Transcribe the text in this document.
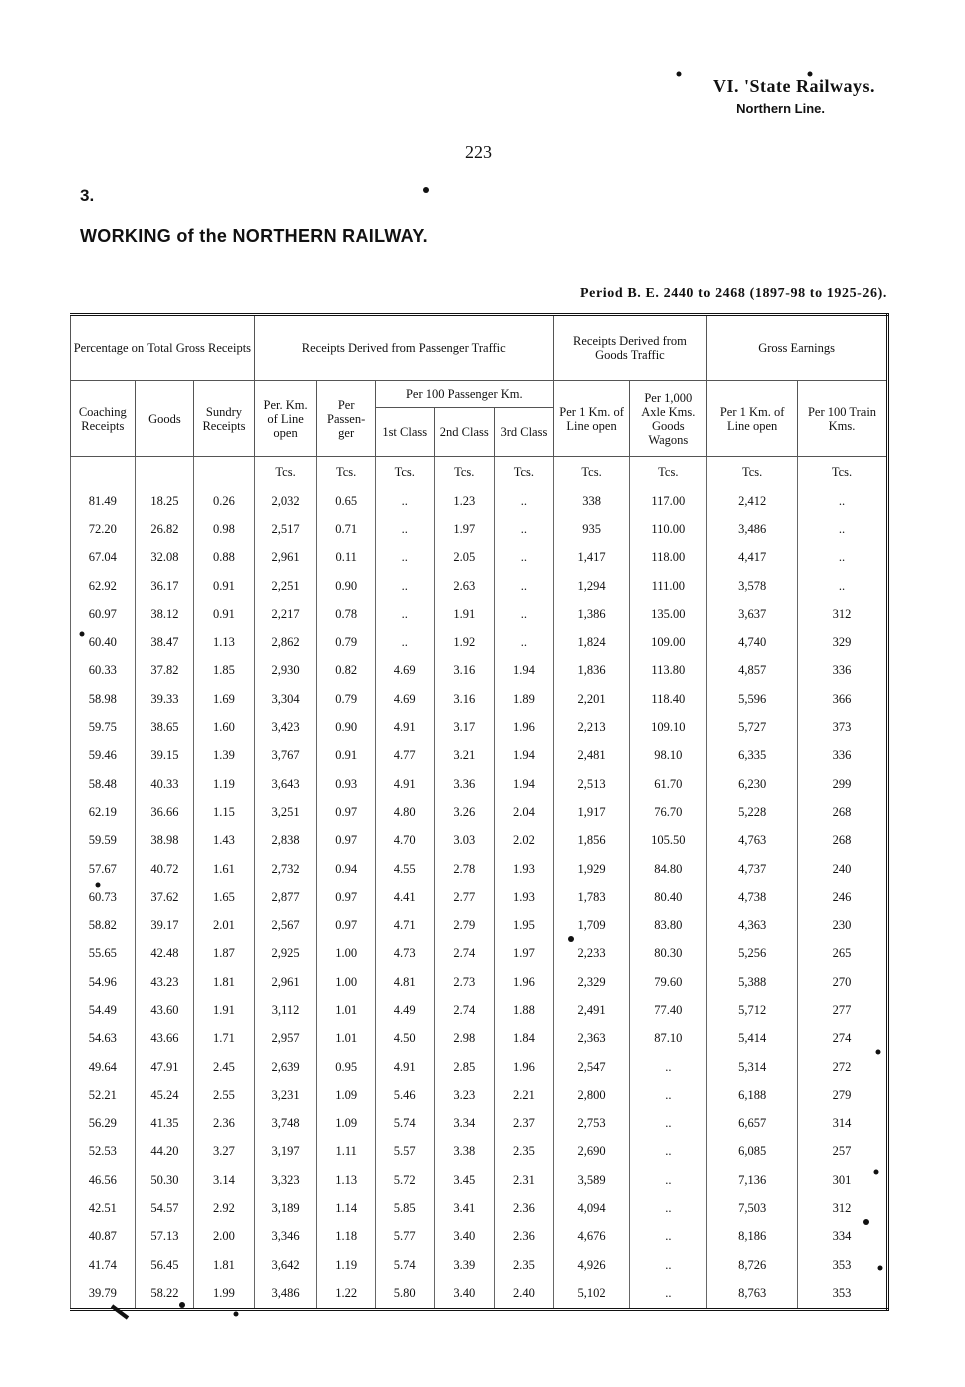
VI. 'State Railways.
Northern Line.
223
3.
WORKING of the NORTHERN RAILWAY.
Period B. E. 2440 to 2468 (1897-98 to 1925-26).
Percentage on Total Gross Receipts			Receipts Derived from Passenger Traffic					Receipts Derived from Goods Traffic		Gross Earnings	
Coaching Receipts	Goods	Sundry Receipts	Per. Km. of Line open	Per Passen-ger	Per 100 Passenger Km.			Per 1 Km. of Line open	Per 1,000 Axle Kms. Goods Wagons	Per 1 Km. of Line open	Per 100 Train Kms.
					1st Class	2nd Class	3rd Class				
			Tcs.	Tcs.	Tcs.	Tcs.	Tcs.	Tcs.	Tcs.	Tcs.	Tcs.
81.49	18.25	0.26	2,032	0.65	..	1.23	..	338	117.00	2,412	..
72.20	26.82	0.98	2,517	0.71	..	1.97	..	935	110.00	3,486	..
67.04	32.08	0.88	2,961	0.11	..	2.05	..	1,417	118.00	4,417	..
62.92	36.17	0.91	2,251	0.90	..	2.63	..	1,294	111.00	3,578	..
60.97	38.12	0.91	2,217	0.78	..	1.91	..	1,386	135.00	3,637	312
60.40	38.47	1.13	2,862	0.79	..	1.92	..	1,824	109.00	4,740	329
60.33	37.82	1.85	2,930	0.82	4.69	3.16	1.94	1,836	113.80	4,857	336
58.98	39.33	1.69	3,304	0.79	4.69	3.16	1.89	2,201	118.40	5,596	366
59.75	38.65	1.60	3,423	0.90	4.91	3.17	1.96	2,213	109.10	5,727	373
59.46	39.15	1.39	3,767	0.91	4.77	3.21	1.94	2,481	98.10	6,335	336
58.48	40.33	1.19	3,643	0.93	4.91	3.36	1.94	2,513	61.70	6,230	299
62.19	36.66	1.15	3,251	0.97	4.80	3.26	2.04	1,917	76.70	5,228	268
59.59	38.98	1.43	2,838	0.97	4.70	3.03	2.02	1,856	105.50	4,763	268
57.67	40.72	1.61	2,732	0.94	4.55	2.78	1.93	1,929	84.80	4,737	240
60.73	37.62	1.65	2,877	0.97	4.41	2.77	1.93	1,783	80.40	4,738	246
58.82	39.17	2.01	2,567	0.97	4.71	2.79	1.95	1,709	83.80	4,363	230
55.65	42.48	1.87	2,925	1.00	4.73	2.74	1.97	2,233	80.30	5,256	265
54.96	43.23	1.81	2,961	1.00	4.81	2.73	1.96	2,329	79.60	5,388	270
54.49	43.60	1.91	3,112	1.01	4.49	2.74	1.88	2,491	77.40	5,712	277
54.63	43.66	1.71	2,957	1.01	4.50	2.98	1.84	2,363	87.10	5,414	274
49.64	47.91	2.45	2,639	0.95	4.91	2.85	1.96	2,547	..	5,314	272
52.21	45.24	2.55	3,231	1.09	5.46	3.23	2.21	2,800	..	6,188	279
56.29	41.35	2.36	3,748	1.09	5.74	3.34	2.37	2,753	..	6,657	314
52.53	44.20	3.27	3,197	1.11	5.57	3.38	2.35	2,690	..	6,085	257
46.56	50.30	3.14	3,323	1.13	5.72	3.45	2.31	3,589	..	7,136	301
42.51	54.57	2.92	3,189	1.14	5.85	3.41	2.36	4,094	..	7,503	312
40.87	57.13	2.00	3,346	1.18	5.77	3.40	2.36	4,676	..	8,186	334
41.74	56.45	1.81	3,642	1.19	5.74	3.39	2.35	4,926	..	8,726	353
39.79	58.22	1.99	3,486	1.22	5.80	3.40	2.40	5,102	..	8,763	353
